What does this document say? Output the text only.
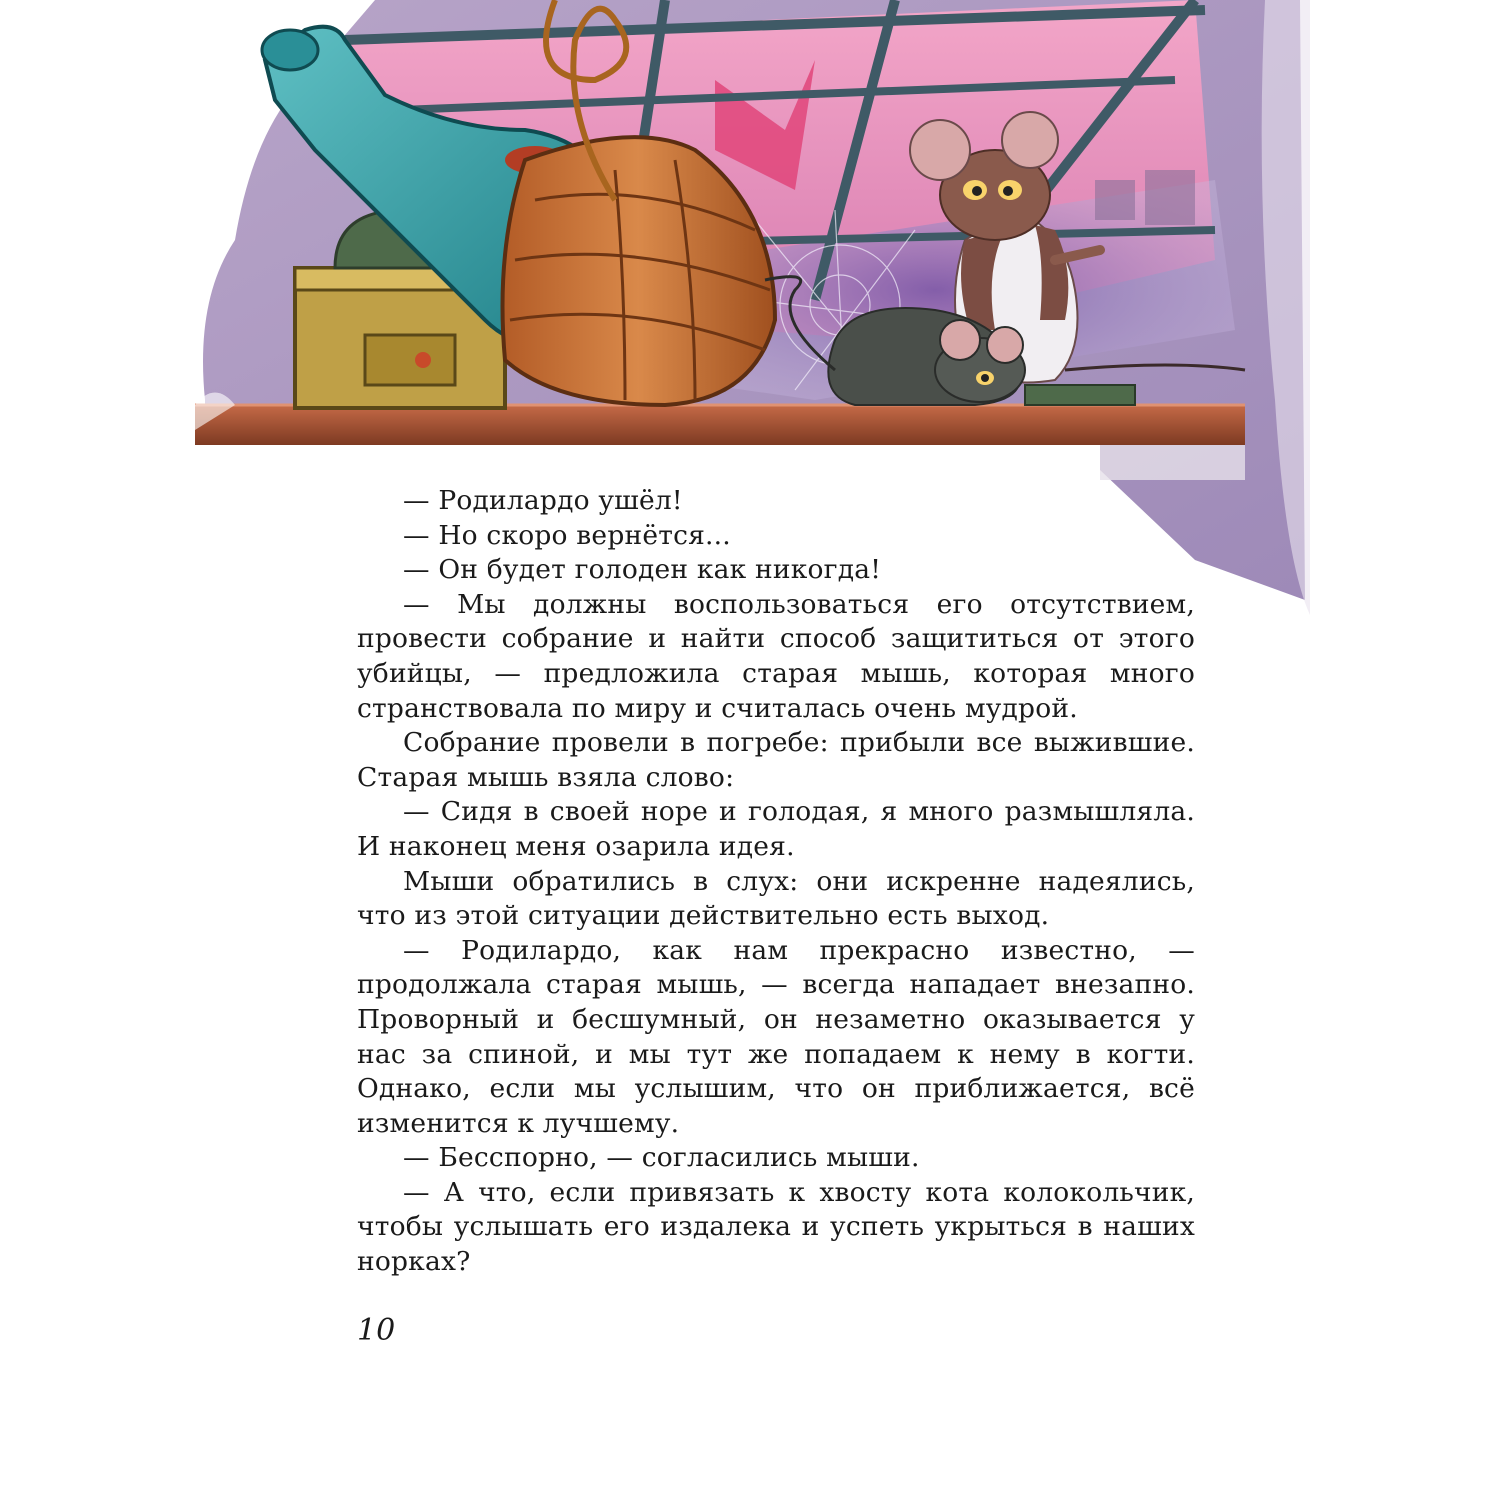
— Родилардо ушёл!

— Но скоро вернётся...

— Он будет голоден как никогда!

— Мы должны воспользоваться его отсутствием, провести собрание и найти способ защититься от этого убийцы, — предложила старая мышь, которая много странствовала по миру и считалась очень мудрой.

Собрание провели в погребе: прибыли все выжившие. Старая мышь взяла слово:

— Сидя в своей норе и голодая, я много размышляла. И наконец меня озарила идея.

Мыши обратились в слух: они искренне надеялись, что из этой ситуации действительно есть выход.

— Родилардо, как нам прекрасно известно, — продолжала старая мышь, — всегда нападает внезапно. Проворный и бесшумный, он незаметно оказывается у нас за спиной, и мы тут же попадаем к нему в когти. Однако, если мы услышим, что он приближается, всё изменится к лучшему.

— Бесспорно, — согласились мыши.

— А что, если привязать к хвосту кота колокольчик, чтобы услышать его издалека и успеть укрыться в наших норках?

10
